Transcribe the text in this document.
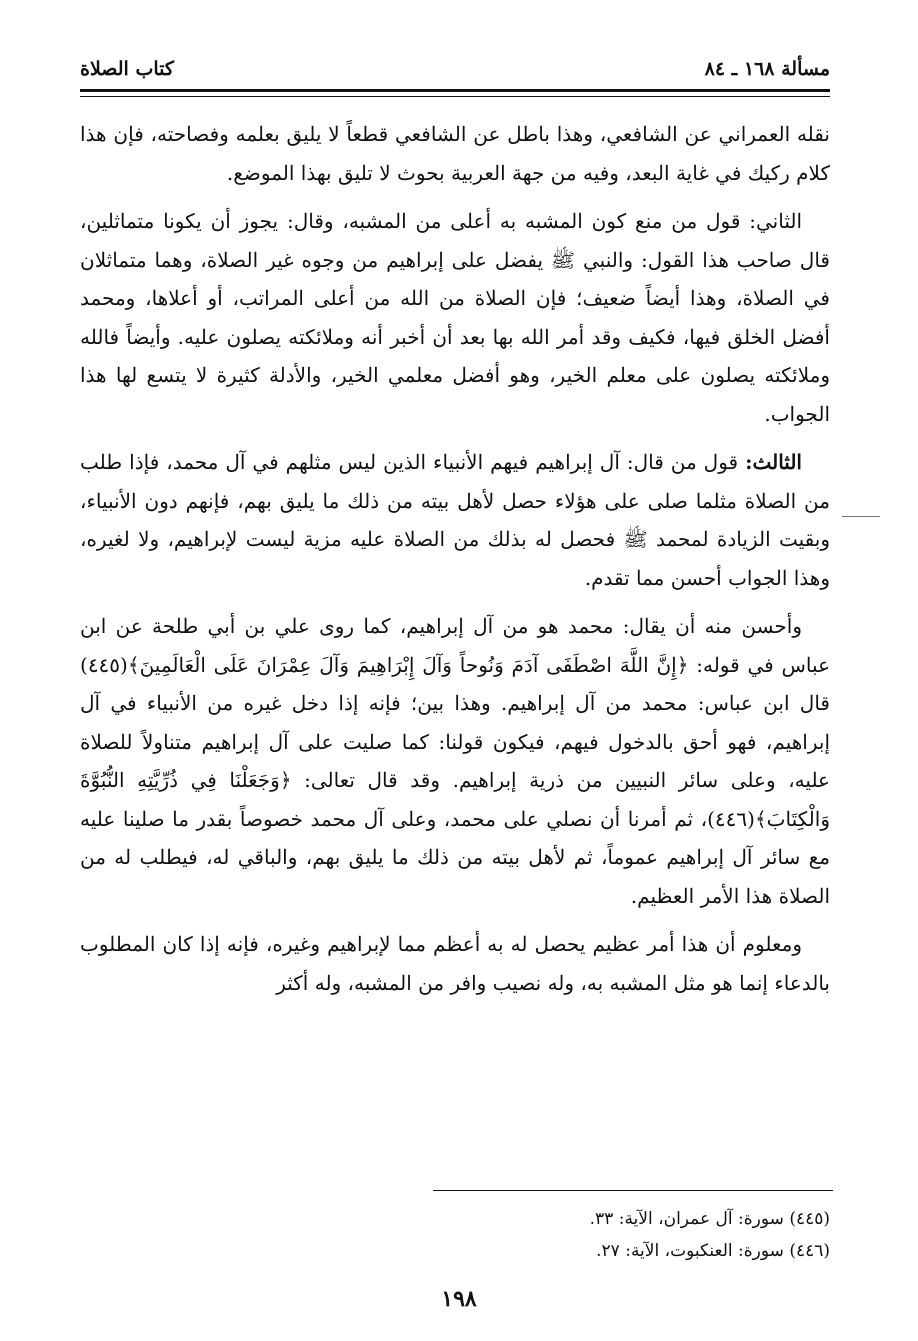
مسألة ١٦٨ ـ ٨٤
كتاب الصلاة

نقله العمراني عن الشافعي، وهذا باطل عن الشافعي قطعاً لا يليق بعلمه وفصاحته، فإن هذا كلام ركيك في غاية البعد، وفيه من جهة العربية بحوث لا تليق بهذا الموضع.

الثاني: قول من منع كون المشبه به أعلى من المشبه، وقال: يجوز أن يكونا متماثلين، قال صاحب هذا القول: والنبي ﷺ يفضل على إبراهيم من وجوه غير الصلاة، وهما متماثلان في الصلاة، وهذا أيضاً ضعيف؛ فإن الصلاة من الله من أعلى المراتب، أو أعلاها، ومحمد أفضل الخلق فيها، فكيف وقد أمر الله بها بعد أن أخبر أنه وملائكته يصلون عليه. وأيضاً فالله وملائكته يصلون على معلم الخير، وهو أفضل معلمي الخير، والأدلة كثيرة لا يتسع لها هذا الجواب.

الثالث: قول من قال: آل إبراهيم فيهم الأنبياء الذين ليس مثلهم في آل محمد، فإذا طلب من الصلاة مثلما صلى على هؤلاء حصل لأهل بيته من ذلك ما يليق بهم، فإنهم دون الأنبياء، وبقيت الزيادة لمحمد ﷺ فحصل له بذلك من الصلاة عليه مزية ليست لإبراهيم، ولا لغيره، وهذا الجواب أحسن مما تقدم.

وأحسن منه أن يقال: محمد هو من آل إبراهيم، كما روى علي بن أبي طلحة عن ابن عباس في قوله: ﴿إِنَّ اللَّهَ اصْطَفَى آدَمَ وَنُوحاً وَآلَ إِبْرَاهِيمَ وَآلَ عِمْرَانَ عَلَى الْعَالَمِينَ﴾(٤٤٥) قال ابن عباس: محمد من آل إبراهيم. وهذا بين؛ فإنه إذا دخل غيره من الأنبياء في آل إبراهيم، فهو أحق بالدخول فيهم، فيكون قولنا: كما صليت على آل إبراهيم متناولاً للصلاة عليه، وعلى سائر النبيين من ذرية إبراهيم. وقد قال تعالى: ﴿وَجَعَلْنَا فِي ذُرِّيَّتِهِ النُّبُوَّةَ وَالْكِتَابَ﴾(٤٤٦)، ثم أمرنا أن نصلي على محمد، وعلى آل محمد خصوصاً بقدر ما صلينا عليه مع سائر آل إبراهيم عموماً، ثم لأهل بيته من ذلك ما يليق بهم، والباقي له، فيطلب له من الصلاة هذا الأمر العظيم.

ومعلوم أن هذا أمر عظيم يحصل له به أعظم مما لإبراهيم وغيره، فإنه إذا كان المطلوب بالدعاء إنما هو مثل المشبه به، وله نصيب وافر من المشبه، وله أكثر

(٤٤٥) سورة: آل عمران، الآية: ٣٣.
(٤٤٦) سورة: العنكبوت، الآية: ٢٧.
١٩٨
